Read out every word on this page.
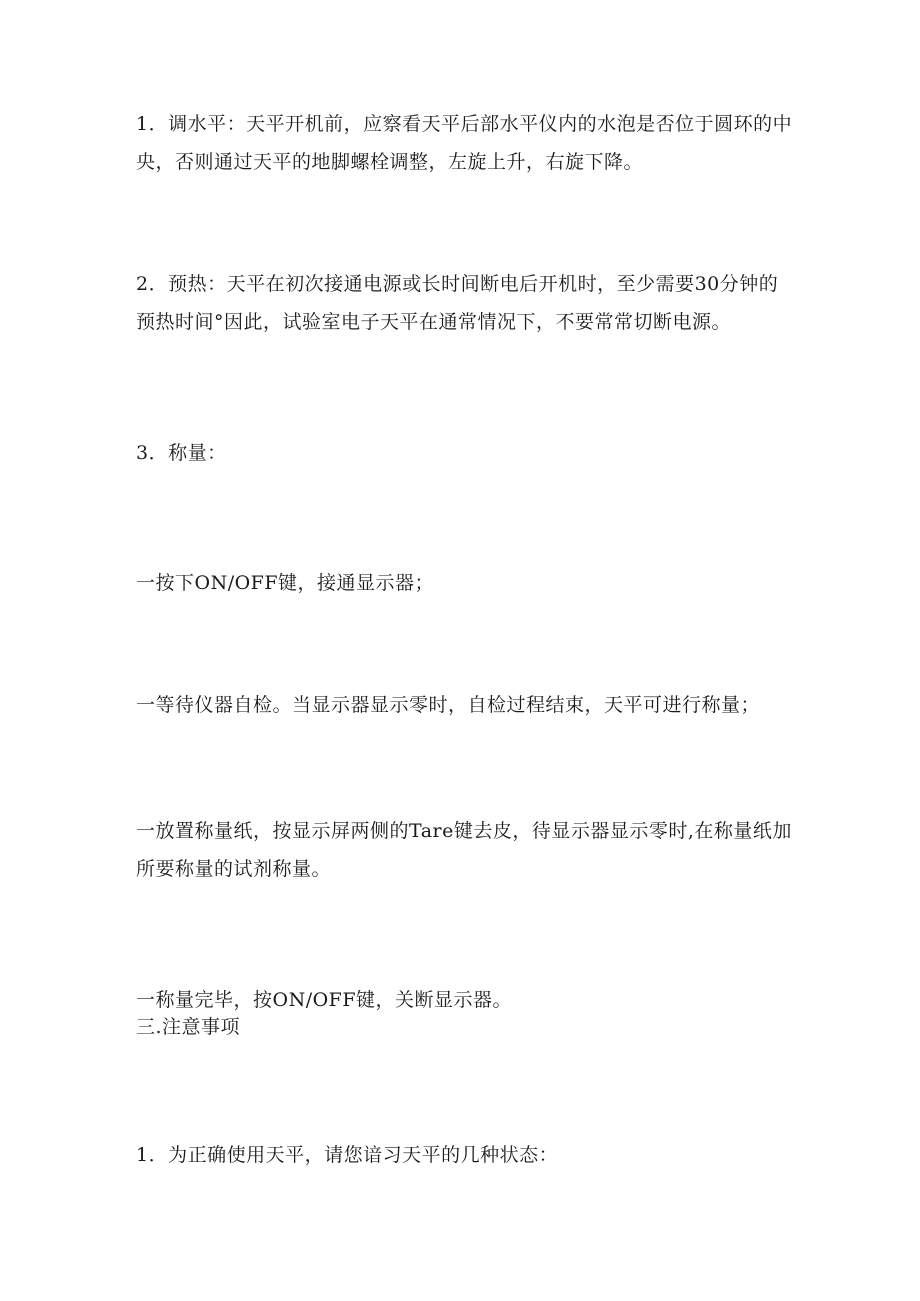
1．调水平：天平开机前，应察看天平后部水平仪内的水泡是否位于圆环的中央，否则通过天平的地脚螺栓调整，左旋上升，右旋下降。

2．预热：天平在初次接通电源或长时间断电后开机时，至少需要30分钟的预热时间°因此，试验室电子天平在通常情况下，不要常常切断电源。

3．称量：

一按下ON/OFF键，接通显示器；

一等待仪器自检。当显示器显示零时，自检过程结束，天平可进行称量；

一放置称量纸，按显示屏两侧的Tare键去皮，待显示器显示零时,在称量纸加所要称量的试剂称量。

一称量完毕，按ON/OFF键，关断显示器。

三.注意事项

1．为正确使用天平，请您谙习天平的几种状态：
